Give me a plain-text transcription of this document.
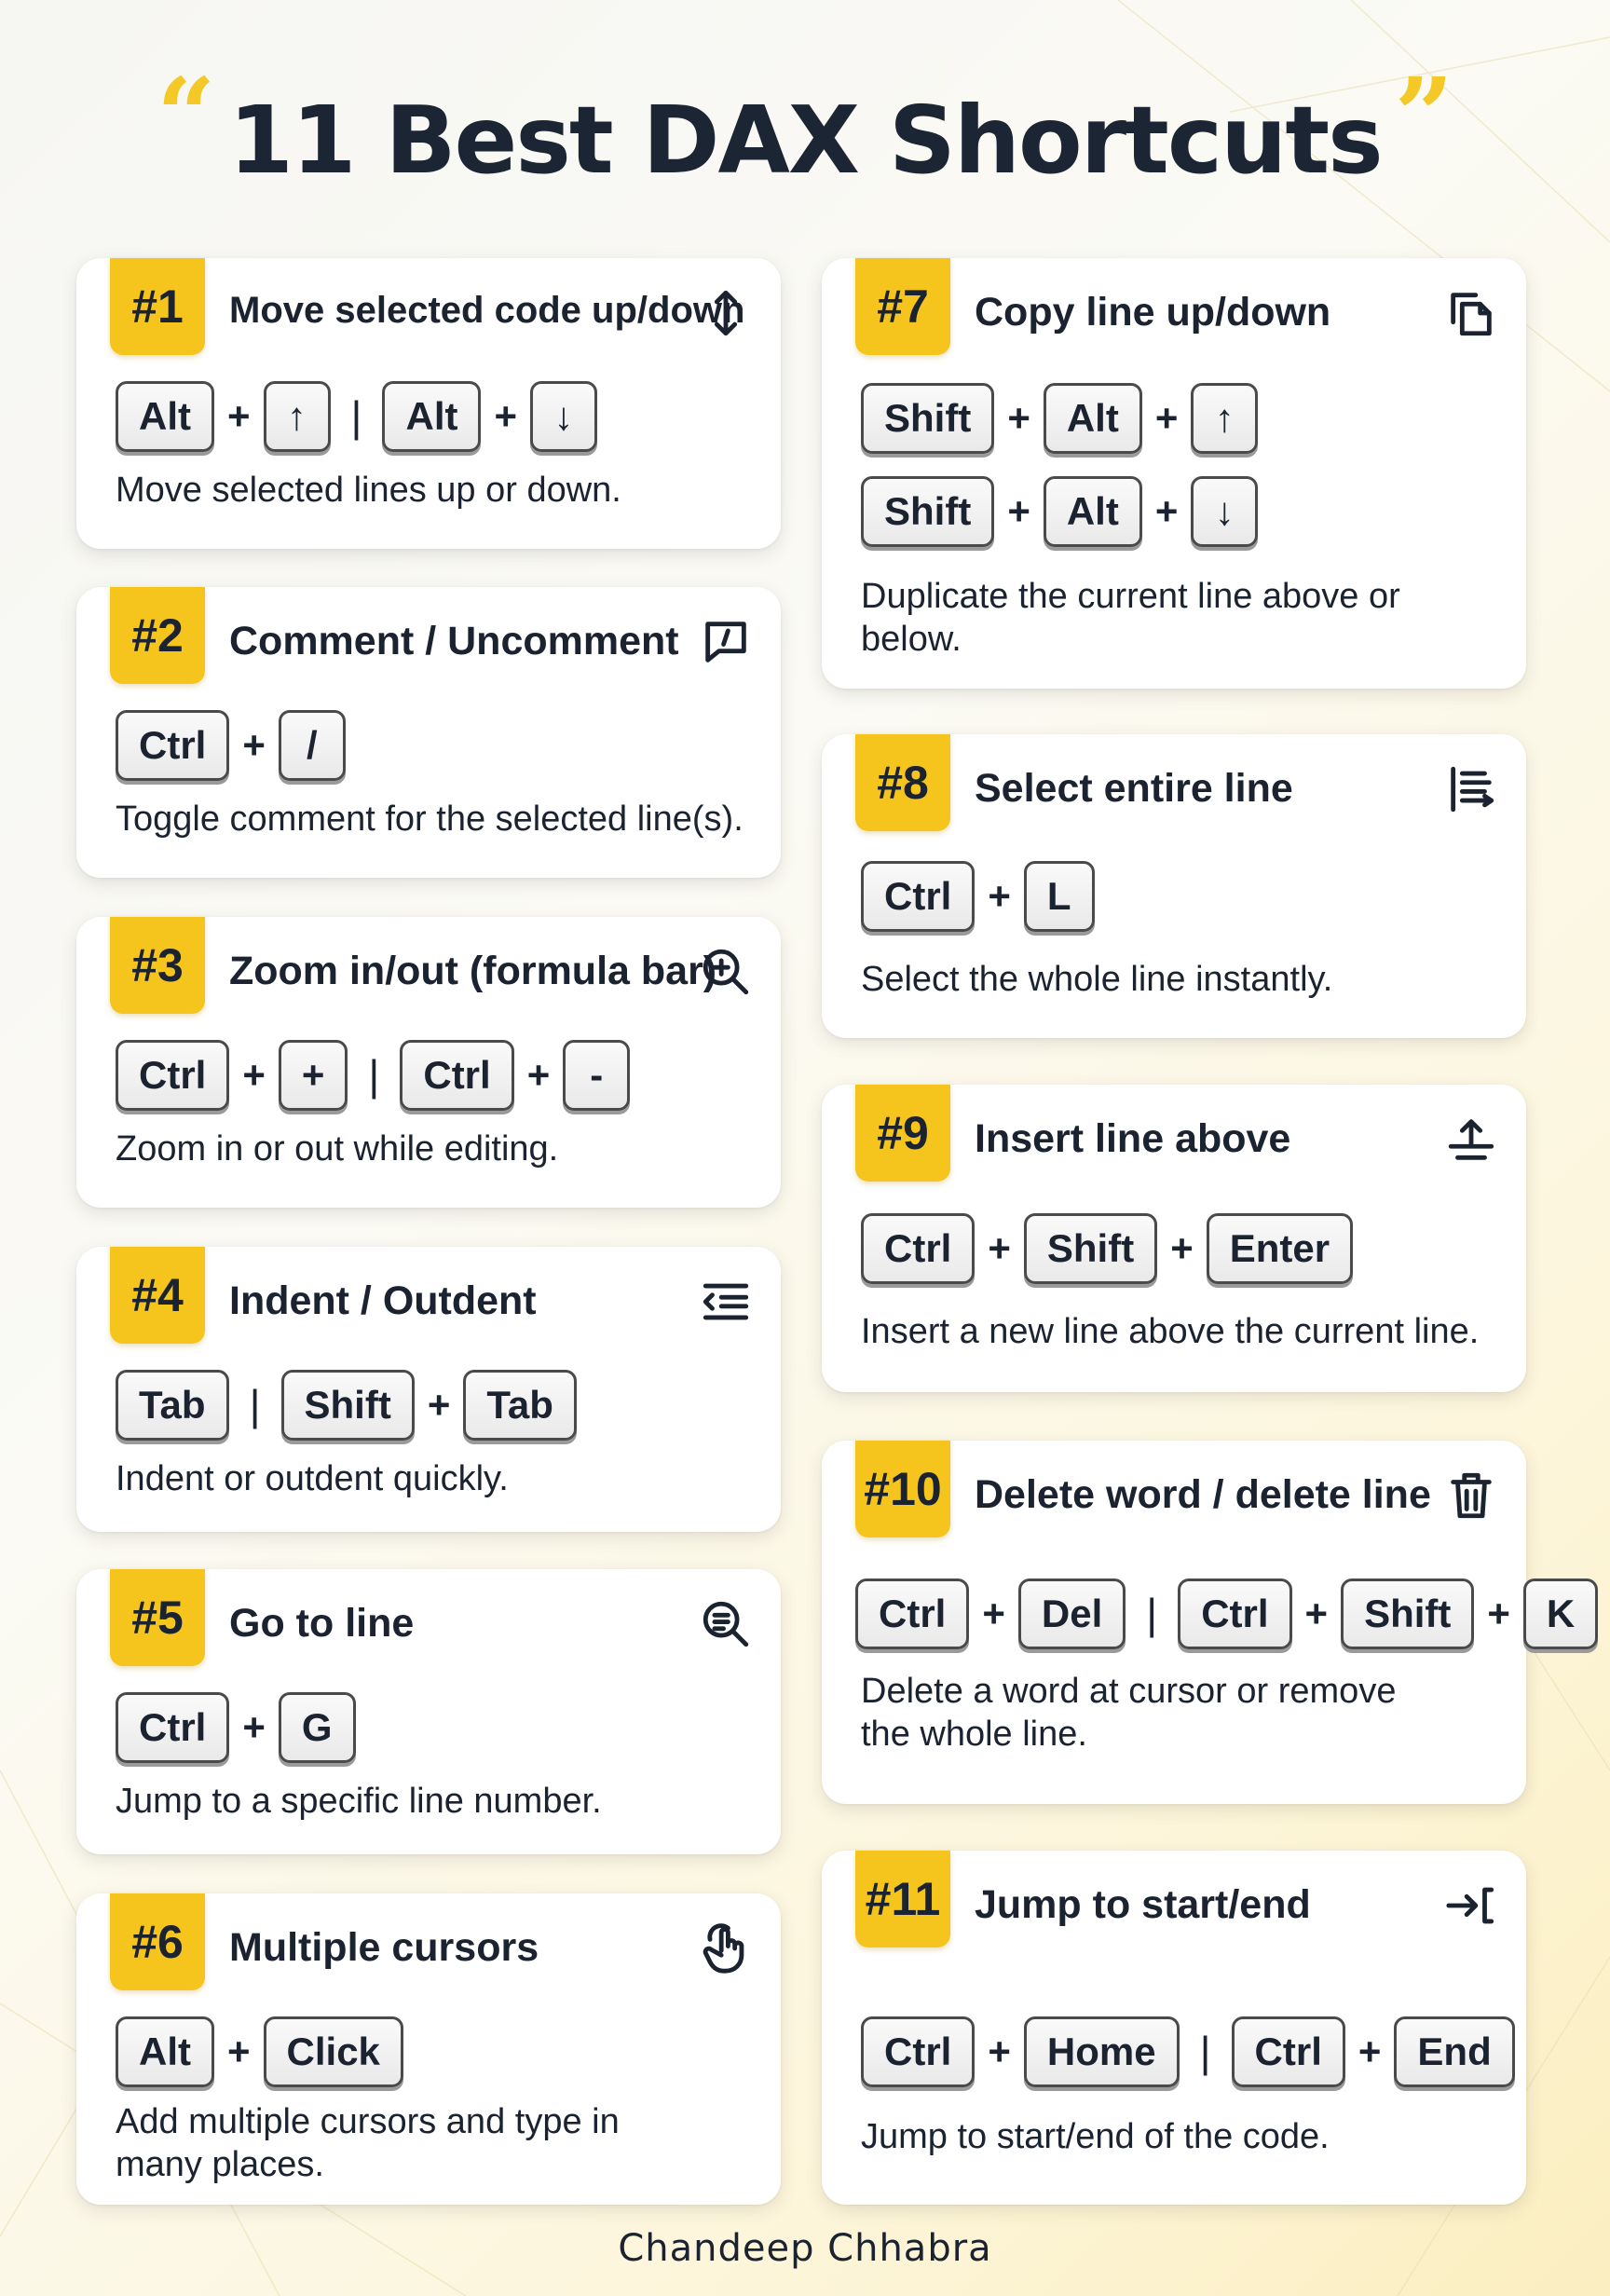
“ 11 Best DAX Shortcuts ”
#1	Move selected code up/down
Alt + ↑	|	Alt + ↓
Move selected lines up or down.
#2	Comment / Uncomment
Ctrl +	/
Toggle comment for the selected line(s).
#3	Zoom in/out (formula bar)
Ctrl + +	|	Ctrl +	-
Zoom in or out while editing.
#4	Indent / Outdent
Tab	|	Shift + Tab
Indent or outdent quickly.
#5	Go to line
Ctrl + G
Jump to a specific line number.
#6	Multiple cursors
Alt + Click
Add multiple cursors and type in many places.
#7	Copy line up/down
Shift + Alt + ↑
Shift + Alt + ↓
Duplicate the current line above or below.
#8	Select entire line
Ctrl + L
Select the whole line instantly.
#9	Insert line above
Ctrl + Shift + Enter
Insert a new line above the current line.
#10 Delete word / delete line
Ctrl + Del	|	Ctrl + Shift + K
Delete a word at cursor or remove the whole line.
#11 Jump to start/end
Ctrl + Home	|	Ctrl + End
Jump to start/end of the code.
Chandeep Chhabra
